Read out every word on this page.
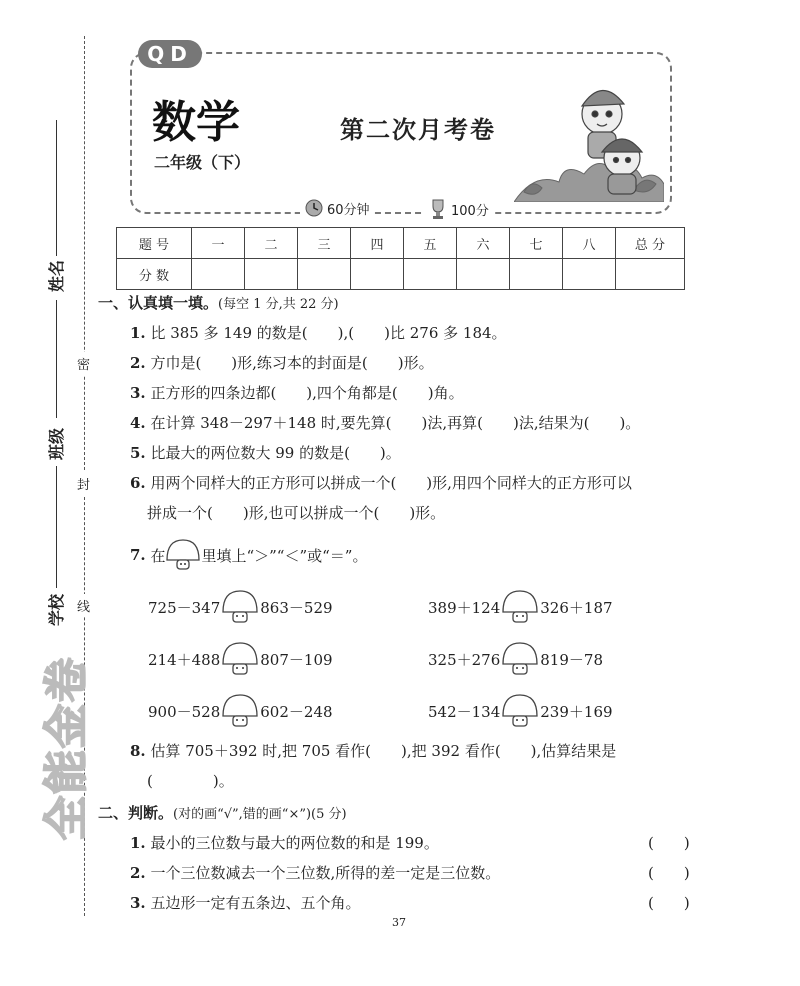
姓名
班级
学校
密
封
线
全能金卷
QD
数学	第二次月考卷
二年级（下）
60分钟	100分
题 号	一	二	三	四	五	六	七	八	总 分
分 数									
一、认真填一填。(每空 1 分,共 22 分)
1. 比 385 多 149 的数是(　　),(　　)比 276 多 184。
2. 方巾是(　　)形,练习本的封面是(　　)形。
3. 正方形的四条边都(　　),四个角都是(　　)角。
4. 在计算 348－297＋148 时,要先算(　　)法,再算(　　)法,结果为(　　)。
5. 比最大的两位数大 99 的数是(　　)。
6. 用两个同样大的正方形可以拼成一个(　　)形,用四个同样大的正方形可以
拼成一个(　　)形,也可以拼成一个(　　)形。
7.
在 里填上“＞”“＜”或“＝”。
725－347	863－529	389＋124	326＋187
214＋488	807－109	325＋276	819－78
900－528	602－248	542－134	239＋169
8. 估算 705＋392 时,把 705 看作(　　),把 392 看作(　　),估算结果是
(　　　　)。
二、判断。(对的画“√”,错的画“×”)(5 分)
1. 最小的三位数与最大的两位数的和是 199。	(　　)
2. 一个三位数减去一个三位数,所得的差一定是三位数。	(　　)
3. 五边形一定有五条边、五个角。	(　　)
37
